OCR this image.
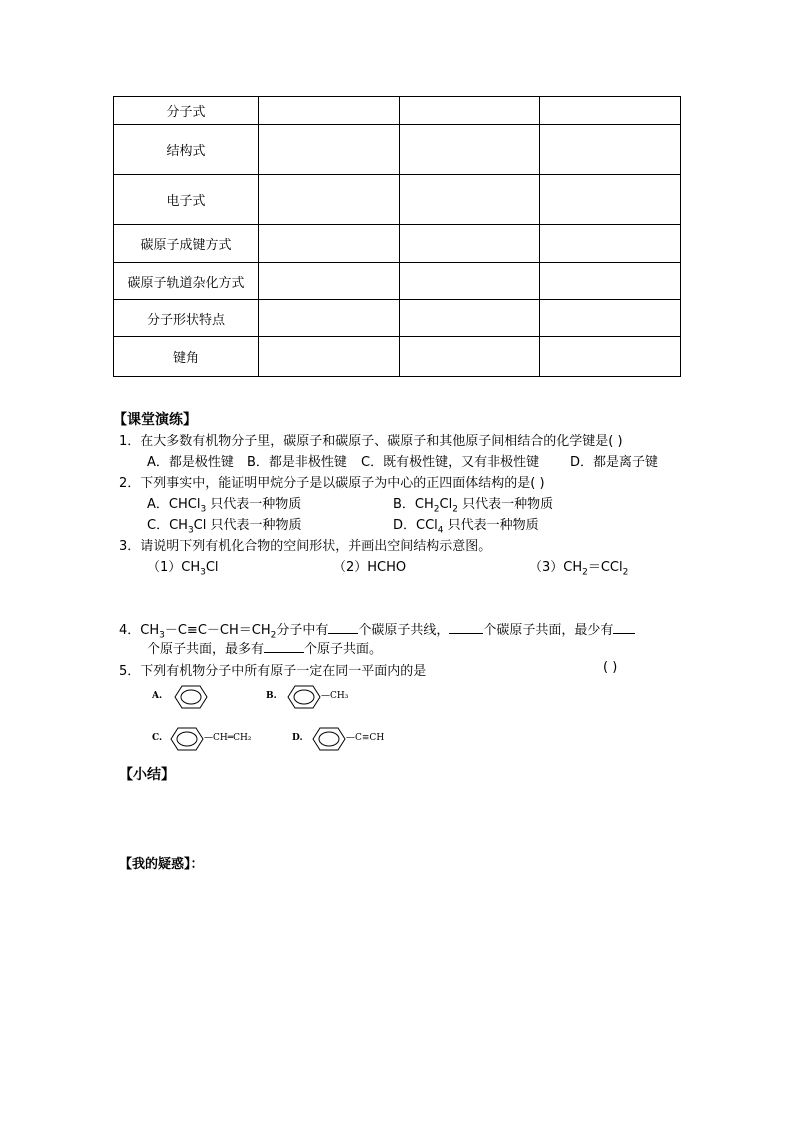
分子式			
结构式			
电子式			
碳原子成键方式			
碳原子轨道杂化方式			
分子形状特点			
键角			
【课堂演练】
1．在大多数有机物分子里，碳原子和碳原子、碳原子和其他原子间相结合的化学键是( )
A．都是极性键 B．都是非极性键 C．既有极性键，又有非极性键 D．都是离子键
2．下列事实中，能证明甲烷分子是以碳原子为中心的正四面体结构的是( )
A．CHCl$_3$ 只代表一种物质	B．$CH_2Cl_2$ 只代表一种物质
C．$CH_3Cl$ 只代表一种物质	D．CCl$_4$ 只代表一种物质
3．请说明下列有机化合物的空间形状，并画出空间结构示意图。
$(1)CH_3Cl$	（2）HCHO	$(3)CH_2=CCl_2$
4．$CH_3-C\equiv C-CH=CH_2$分子中有 个碳原子共线，	个碳原子共面，最少有
个原子共面，最多有	个原子共面。
5．下列有机物分子中所有原子一定在同一平面内的是	( )
A.	B.	—CH₃
C.	—CH═CH₂	D.	—C≡CH
【小结】
【我的疑惑】：
